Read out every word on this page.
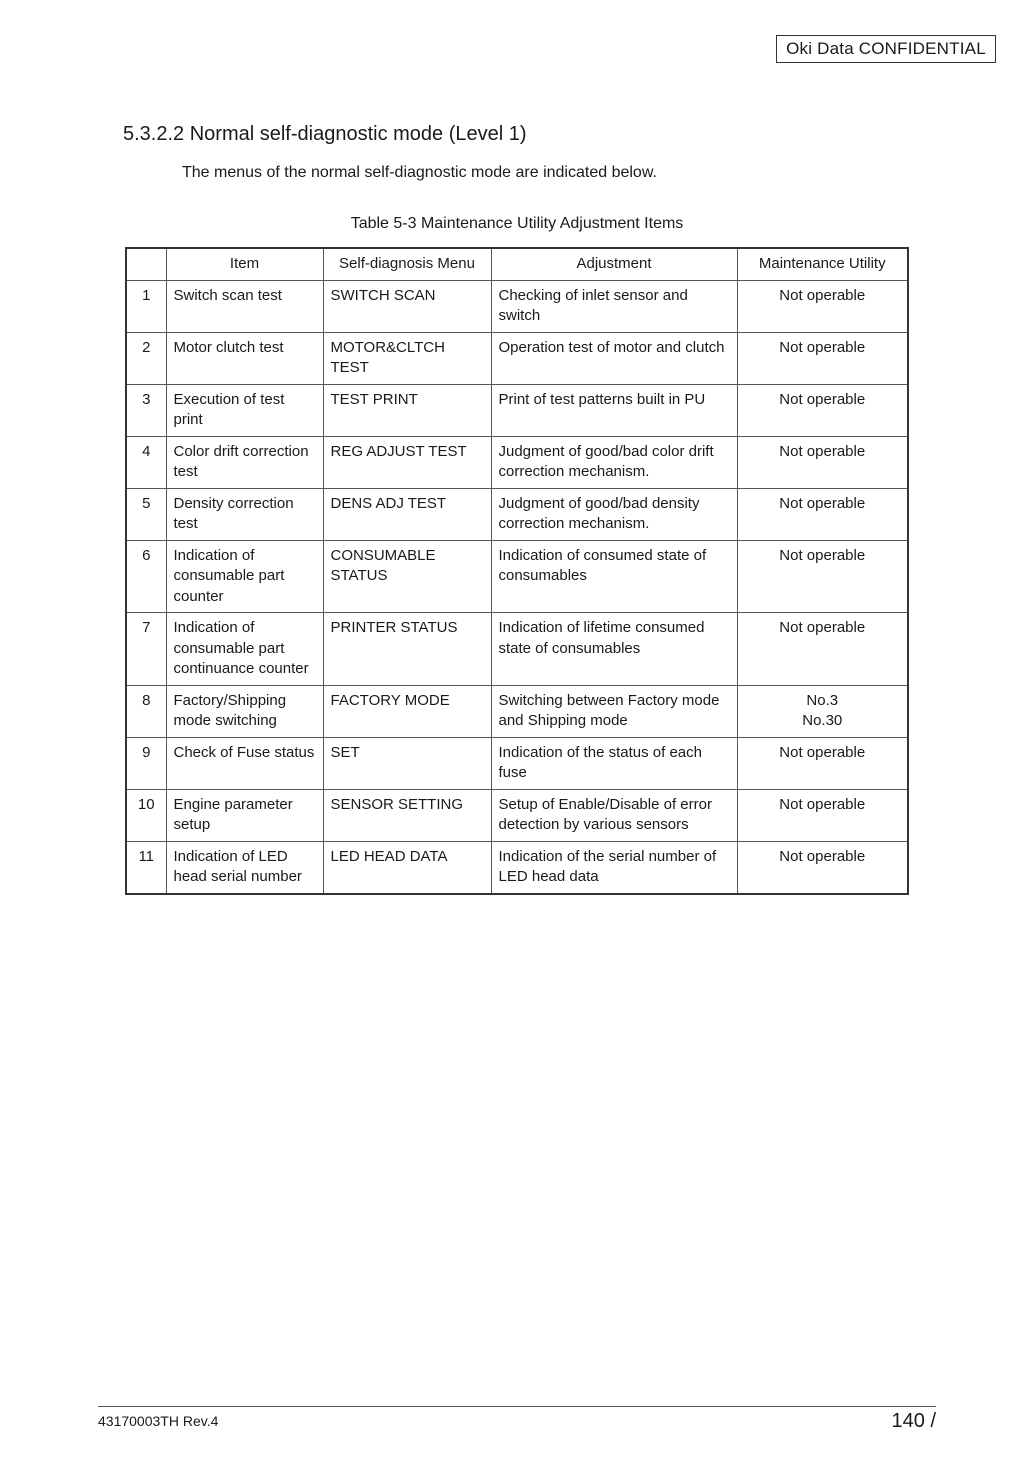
Oki Data CONFIDENTIAL
5.3.2.2 Normal self-diagnostic mode (Level 1)

The menus of the normal self-diagnostic mode are indicated below.

Table 5-3 Maintenance Utility Adjustment Items
	Item	Self-diagnosis Menu	Adjustment	Maintenance Utility
1	Switch scan test	SWITCH SCAN	Checking of inlet sensor and switch	Not operable
2	Motor clutch test	MOTOR&CLTCH TEST	Operation test of motor and clutch	Not operable
3	Execution of test print	TEST PRINT	Print of test patterns built in PU	Not operable
4	Color drift correction test	REG ADJUST TEST	Judgment of good/bad color drift correction mechanism.	Not operable
5	Density correction test	DENS ADJ TEST	Judgment of good/bad density correction mechanism.	Not operable
6	Indication of consumable part counter	CONSUMABLE STATUS	Indication of consumed state of consumables	Not operable
7	Indication of consumable part continuance counter	PRINTER STATUS	Indication of lifetime consumed state of consumables	Not operable
8	Factory/Shipping mode switching	FACTORY MODE	Switching between Factory mode and Shipping mode	No.3
No.30

9	Check of Fuse status	SET	Indication of the status of each fuse	Not operable
10	Engine parameter setup	SENSOR SETTING	Setup of Enable/Disable of error detection by various sensors	Not operable
11	Indication of LED head serial number	LED HEAD DATA	Indication of the serial number of LED head data	Not operable
43170003TH Rev.4	140 /
